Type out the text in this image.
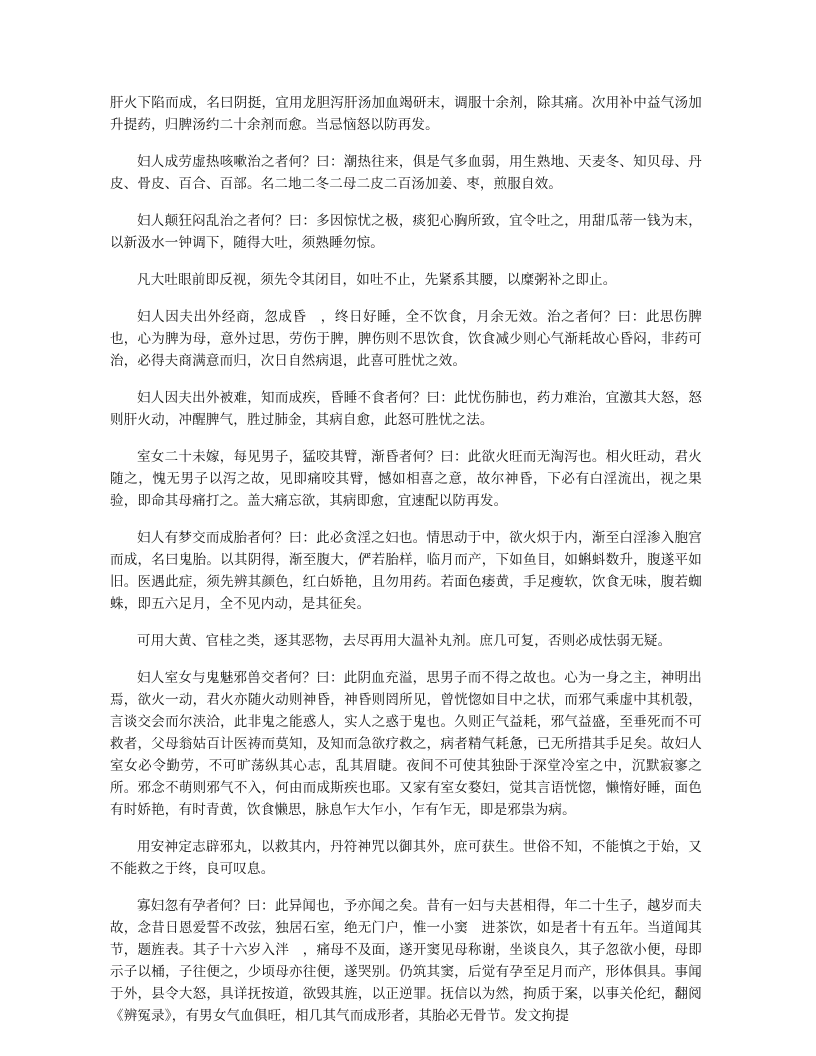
肝火下陷而成，名曰阴挺，宜用龙胆泻肝汤加血竭研末，调服十余剂，除其痛。次用补中益气汤加升提药，归脾汤约二十余剂而愈。当忌恼怒以防再发。

妇人成劳虚热咳嗽治之者何？曰：潮热往来，俱是气多血弱，用生熟地、天麦冬、知贝母、丹皮、骨皮、百合、百部。名二地二冬二母二皮二百汤加姜、枣，煎服自效。

妇人颠狂闷乱治之者何？曰：多因惊忧之极，痰犯心胸所致，宜令吐之，用甜瓜蒂一钱为末，以新汲水一钟调下，随得大吐，须熟睡勿惊。

凡大吐眼前即反视，须先令其闭目，如吐不止，先紧系其腰，以糜粥补之即止。

妇人因夫出外经商，忽成昏　，终日好睡，全不饮食，月余无效。治之者何？曰：此思伤脾也，心为脾为母，意外过思，劳伤于脾，脾伤则不思饮食，饮食减少则心气渐耗故心昏闷，非药可治，必得夫商满意而归，次日自然病退，此喜可胜忧之效。

妇人因夫出外被难，知而成疾，昏睡不食者何？曰：此忧伤肺也，药力难治，宜激其大怒，怒则肝火动，冲醒脾气，胜过肺金，其病自愈，此怒可胜忧之法。

室女二十未嫁，每见男子，猛咬其臂，渐昏者何？曰：此欲火旺而无淘泻也。相火旺动，君火随之，愧无男子以泻之故，见即痛咬其臂，憾如相喜之意，故尔神昏，下必有白淫流出，视之果验，即命其母痛打之。盖大痛忘欲，其病即愈，宜速配以防再发。

妇人有梦交而成胎者何？曰：此必贪淫之妇也。情思动于中，欲火炽于内，渐至白淫渗入胞宫而成，名曰鬼胎。以其阴得，渐至腹大，俨若胎样，临月而产，下如鱼目，如蝌蚪数升，腹遂平如旧。医遇此症，须先辨其颜色，红白娇艳，且勿用药。若面色痿黄，手足瘦软，饮食无味，腹若蜘蛛，即五六足月，全不见内动，是其征矣。

可用大黄、官桂之类，逐其恶物，去尽再用大温补丸剂。庶几可复，否则必成怯弱无疑。

妇人室女与鬼魅邪兽交者何？曰：此阴血充溢，思男子而不得之故也。心为一身之主，神明出焉，欲火一动，君火亦随火动则神昏，神昏则罔所见，曾恍惚如目中之状，而邪气乘虚中其机彀，言谈交会而尔浃洽，此非鬼之能惑人，实人之惑于鬼也。久则正气益耗，邪气益盛，至垂死而不可救者，父母翁姑百计医祷而莫知，及知而急欲疗救之，病者精气耗惫，已无所措其手足矣。故妇人室女必令勤劳，不可旷荡纵其心志，乱其眉睫。夜间不可使其独卧于深堂冷室之中，沉默寂寥之所。邪念不萌则邪气不入，何由而成斯疾也耶。又家有室女婺妇，觉其言语恍惚，懒惰好睡，面色有时娇艳，有时青黄，饮食懒思，脉息乍大乍小，乍有乍无，即是邪祟为病。

用安神定志辟邪丸，以救其内，丹符神咒以御其外，庶可获生。世俗不知，不能慎之于始，又不能救之于终，良可叹息。

寡妇忽有孕者何？曰：此异闻也，予亦闻之矣。昔有一妇与夫甚相得，年二十生子，越岁而夫故，念昔日恩爱誓不改弦，独居石室，绝无门户，惟一小窦　进茶饮，如是者十有五年。当道闻其节，题旌表。其子十六岁入泮　，痛母不及面，遂开窦见母称谢，坐谈良久，其子忽欲小便，母即示子以桶，子往便之，少顷母亦往便，遂哭别。仍筑其窦，后觉有孕至足月而产，形体俱具。事闻于外，县令大怒，具详抚按道，欲毁其旌，以正逆罪。抚信以为然，拘质于案，以事关伦纪，翻阅《辨冤录》，有男女气血俱旺，相几其气而成形者，其胎必无骨节。发文拘提
